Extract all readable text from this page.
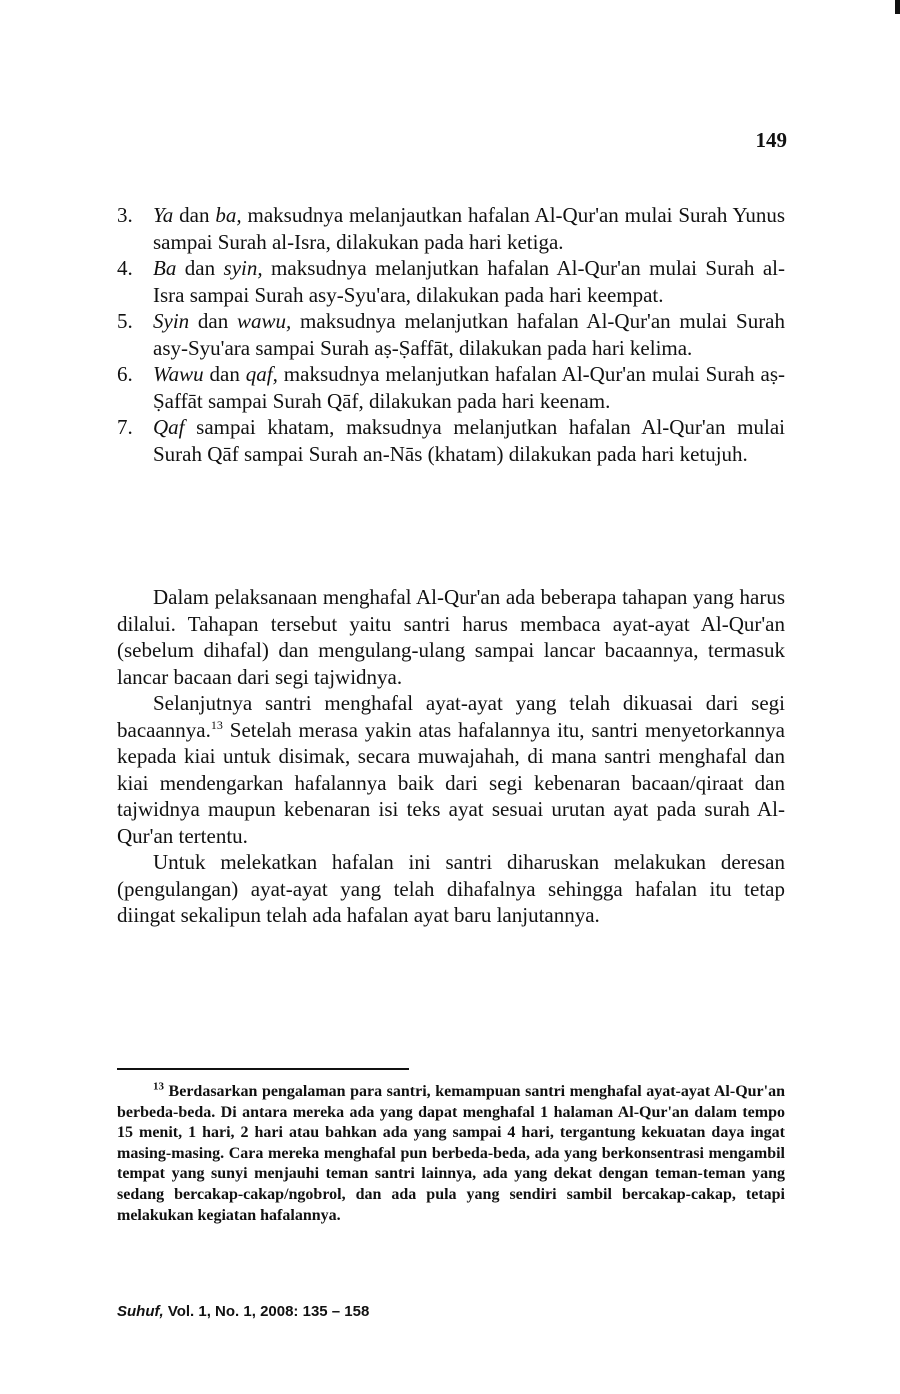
149
3. Ya dan ba, maksudnya melanjautkan hafalan Al-Qur'an mulai Surah Yunus sampai Surah al-Isra, dilakukan pada hari ketiga.
4. Ba dan syin, maksudnya melanjutkan hafalan Al-Qur'an mulai Surah al-Isra sampai Surah asy-Syu'ara, dilakukan pada hari keempat.
5. Syin dan wawu, maksudnya melanjutkan hafalan Al-Qur'an mulai Surah asy-Syu'ara sampai Surah aṣ-Ṣaffāt, dilakukan pada hari kelima.
6. Wawu dan qaf, maksudnya melanjutkan hafalan Al-Qur'an mulai Surah aṣ-Ṣaffāt sampai Surah Qāf, dilakukan pada hari keenam.
7. Qaf sampai khatam, maksudnya melanjutkan hafalan Al-Qur'an mulai Surah Qāf sampai Surah an-Nās (khatam) dilakukan pada hari ketujuh.

Dalam pelaksanaan menghafal Al-Qur'an ada beberapa tahapan yang harus dilalui. Tahapan tersebut yaitu santri harus membaca ayat-ayat Al-Qur'an (sebelum dihafal) dan mengulang-ulang sampai lancar bacaannya, termasuk lancar bacaan dari segi tajwidnya.

Selanjutnya santri menghafal ayat-ayat yang telah dikuasai dari segi bacaannya.$^{13}$ Setelah merasa yakin atas hafalannya itu, santri menyetorkannya kepada kiai untuk disimak, secara muwajahah, di mana santri menghafal dan kiai mendengarkan hafalannya baik dari segi kebenaran bacaan/qiraat dan tajwidnya maupun kebenaran isi teks ayat sesuai urutan ayat pada surah Al-Qur'an tertentu.

Untuk melekatkan hafalan ini santri diharuskan melakukan deresan (pengulangan) ayat-ayat yang telah dihafalnya sehingga hafalan itu tetap diingat sekalipun telah ada hafalan ayat baru lanjutannya.

$^{13}$ Berdasarkan pengalaman para santri, kemampuan santri menghafal ayat-ayat Al-Qur'an berbeda-beda. Di antara mereka ada yang dapat menghafal 1 halaman Al-Qur'an dalam tempo 15 menit, 1 hari, 2 hari atau bahkan ada yang sampai 4 hari, tergantung kekuatan daya ingat masing-masing. Cara mereka menghafal pun berbeda-beda, ada yang berkonsentrasi mengambil tempat yang sunyi menjauhi teman santri lainnya, ada yang dekat dengan teman-teman yang sedang bercakap-cakap/ngobrol, dan ada pula yang sendiri sambil bercakap-cakap, tetapi melakukan kegiatan hafalannya.

Suhuf, Vol. 1, No. 1, 2008: 135 – 158
